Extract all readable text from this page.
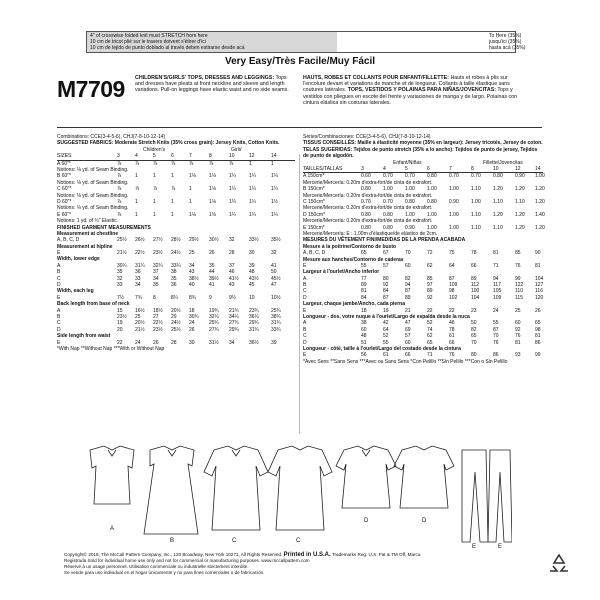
4" of crosswise folded knit must STRETCH from here
10 cm de tricot plié sur le travers doivent s'étirer d'ici
10 cm de tejido de punto doblado al través deben estirarse desde acá
To Here (35%)
jusqu'ici (35%)
hasta acá (35%)
Very Easy/Très Facile/Muy Fácil
M7709 CHILDREN'S/GIRLS' TOPS, DRESSES AND LEGGINGS: Tops and dresses have pleats at front neckline and sleeve and length variations. Pull-on leggings have elastic waist and no side seams.
HAUTS, ROBES ET COLLANTS POUR ENFANT/FILLETTE: Hauts et robes à plis sur l'encolure devant et variations de manche et de longueur. Collants à taille élastique sans coutures latérales. TOPS, VESTIDOS Y POLAINAS PARA NIÑAS/JOVENCITAS: Tops y vestidos con pliegues en escote del frente y variaciones de manga y de largo. Polainas con cintura elástica sin costuras laterales.
Combinations: CCE(3-4-5-6), CHJ(7-8-10-12-14)
SUGGESTED FABRICS: Moderate Stretch Knits (35% cross grain): Jersey Knits, Cotton Knits.
Children's	Girls'
SIZES	3	4	5	6	7	8	10	12	14
A 60"*	⅞	⅞	⅞	⅞	⅞	⅞	⅞	1	1
Notions: ⅛ yd. of Seam Binding.
B 60"*	⅞	1	1	1	1⅛	1⅛	1¼	1¼	1¼
Notions: ⅛ yd. of Seam Binding.
C 60"*	⅞	⅞	⅞	⅞	1	1⅛	1¼	1¼	1¼
Notions: ⅛ yd. of Seam Binding.
D 60"*	⅞	1	1	1	1	1⅛	1¼	1¼	1½
Notions: ⅛ yd. of Seam Binding.
E 60"*	⅞	1	1	1	1⅛	1⅛	1¼	1¼	1¼
Notions: 1 yd. of ¾" Elastic.
FINISHED GARMENT MEASUREMENTS
Measurement at chestline
A, B, C, D	25½ 26½ 27½ 28½ 29½ 30½ 32	33½ 35½
Measurement at hipline
E	21½ 22½ 23½ 24½ 25	26	28	30	32
Width, lower edge
A	30¼ 31¼ 32¼ 33¼ 34	35	37	39	41
B	35 36 37 38 43	44	46	48	50
C	32 33 34 35 38½ 39½ 41½ 43½ 45½
D	33 34 35 36 40	41	43	45	47
Width, each leg
E	7½ 7¾ 8	8¼ 8¾	9	9½	10	10½
Back length from base of neck
A	15 16½ 18½ 20½ 18	19¾ 21¾ 23¾ 25¾
B	23½ 25 27 29 30¾ 32¼ 34¼ 36¼ 38¾
C	19 20½ 22½ 24½ 24	25¾ 27¾ 29¾ 31¾
D	20 21½ 23½ 25½ 26	27¾ 29¾ 31¾ 33¾
Side length from waist
E	22 24 26 28 30	31½ 34	36½ 39
*With Nap **Without Nap ***With or Without Nap
Séries/Combinaciones: CCE(3-4-5-6), CHJ(7-8-10-12-14)
TISSUS CONSEILLÉS: Maille à élasticité moyenne (35% en largeur): Jersey tricotés, Jersey de coton.
TELAS SUGERIDAS: Tejidos de punto stretch (35% a lo ancho): Tejidos de punto de jersey, Tejidos de punto de algodón.
Enfant/Niñas	Fillette/Jovencitas
TAILLES/TALLAS	3	4	5	6	7	8	10	12	14
A 150cm*	0.60 0.70 0.70 0.80 0.70 0.70 0.80 0.90 1.00
Mercerie/Mercería: 0.20m d'extra-fort/de cinta de extrafort.
B 150cm*	0.80 1.00 1.00 1.00 1.00 1.10 1.20 1.20 1.20
Mercerie/Mercería: 0.20m d'extra-fort/de cinta de extrafort.
C 150cm*	0.70 0.70 0.80 0.80 0.90 1.00 1.10 1.10 1.20
Mercerie/Mercería: 0.20m d'extra-fort/de cinta de extrafort.
D 150cm*	0.80 0.80 1.00 1.00 1.00 1.10 1.20 1.20 1.40
Mercerie/Mercería: 0.20m d'extra-fort/de cinta de extrafort.
E 150cm*	0.80 0.80 0.90 1.00 1.00 1.10 1.10 1.20 1.20
Mercerie/Mercería: E : 1.00m d'élastique/de elástico de 2cm.
MESURES DU VÊTEMENT FINI/MEDIDAS DE LA PRENDA ACABADA
Mesure à la poitrine/Contorno de busto
A, B, C, D	65	67	70	72	75	78	81	85	90
Mesure aux hanches/Contorno de caderas
E	55	57	60	62	64	66	71	76	81
Largeur à l'ourlet/Ancho inferior
A	77	80	82	85	87	89	94	99	104
B	89	92	94	97	109	112	117	122 127
C	81	84	87	89	98	100	105	110 116
D	84	87	89	92	102	104	109	115 120
Largeur, chaque jambe/Ancho, cada pierna
E	18	19	21	22	22	23	24	25	26
Longueur - dos, votre nuque à l'ourlet/Largo de espalda desde la nuca
A	38	42	47	52	46	50	55	60	65
B	60	64	69	74	78	82	87	92	98
C	48	52	57	62	61	65	70	76	81
D	51	55	60	65	66	70	76	81	86
Longueur - côté, taille à l'ourlet/Largo del costado desde la cintura
E	56	61	66	71	76	80	86	93	99
*Avec Sens **Sans Sens ***Avec ou Sans Sens *Con Pelillo **Sin Pelillo ***Con o Sin Pelillo
A
B	C	C
D	D
E	E
Copyright© 2018, The McCall Pattern Company, Inc., 120 Broadway, New York 10271, All Rights Reserved. Printed in U.S.A. Trademarks Reg. U.S. Pat & TM Off, Marca
Registrada Sold for individual home use only and not for commercial or manufacturing purposes. www.mccallpattern.com
Réservé à un usage personnel. Utilisation commerciale ou industrielle strictement interdite.
Se vende para uso individual en el hogar únicamente y no para fines comerciales o de fabricación.
